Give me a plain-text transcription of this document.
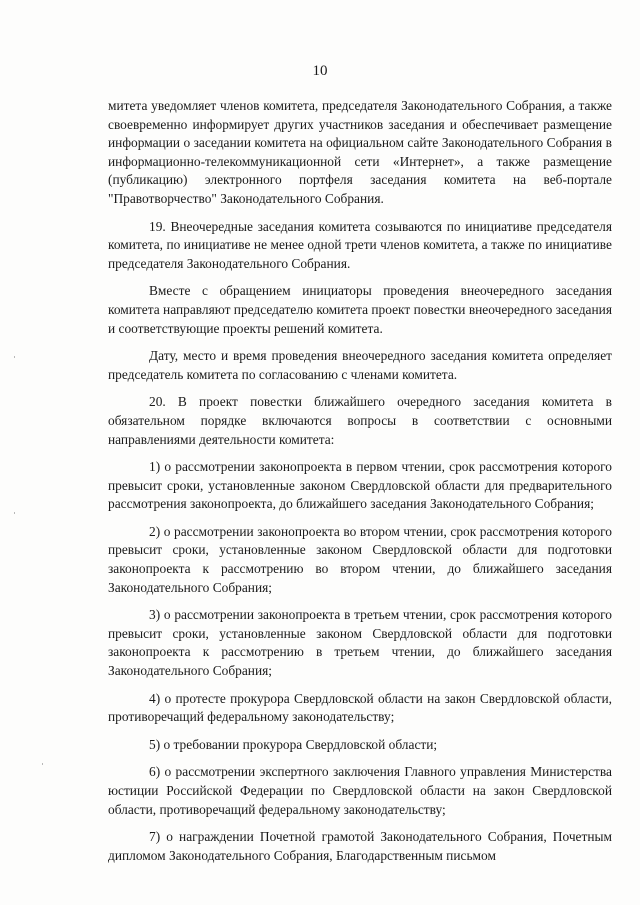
10

митета уведомляет членов комитета, председателя Законодательного Собрания, а также своевременно информирует других участников заседания и обеспечивает размещение информации о заседании комитета на официальном сайте Законодательного Собрания в информационно-телекоммуникационной сети «Интернет», а также размещение (публикацию) электронного портфеля заседания комитета на веб-портале "Правотворчество" Законодательного Собрания.

19. Внеочередные заседания комитета созываются по инициативе председателя комитета, по инициативе не менее одной трети членов комитета, а также по инициативе председателя Законодательного Собрания.

Вместе с обращением инициаторы проведения внеочередного заседания комитета направляют председателю комитета проект повестки внеочередного заседания и соответствующие проекты решений комитета.

Дату, место и время проведения внеочередного заседания комитета определяет председатель комитета по согласованию с членами комитета.

20. В проект повестки ближайшего очередного заседания комитета в обязательном порядке включаются вопросы в соответствии с основными направлениями деятельности комитета:

1) о рассмотрении законопроекта в первом чтении, срок рассмотрения которого превысит сроки, установленные законом Свердловской области для предварительного рассмотрения законопроекта, до ближайшего заседания Законодательного Собрания;

2) о рассмотрении законопроекта во втором чтении, срок рассмотрения которого превысит сроки, установленные законом Свердловской области для подготовки законопроекта к рассмотрению во втором чтении, до ближайшего заседания Законодательного Собрания;

3) о рассмотрении законопроекта в третьем чтении, срок рассмотрения которого превысит сроки, установленные законом Свердловской области для подготовки законопроекта к рассмотрению в третьем чтении, до ближайшего заседания Законодательного Собрания;

4) о протесте прокурора Свердловской области на закон Свердловской области, противоречащий федеральному законодательству;

5) о требовании прокурора Свердловской области;

6) о рассмотрении экспертного заключения Главного управления Министерства юстиции Российской Федерации по Свердловской области на закон Свердловской области, противоречащий федеральному законодательству;

7) о награждении Почетной грамотой Законодательного Собрания, Почетным дипломом Законодательного Собрания, Благодарственным письмом
